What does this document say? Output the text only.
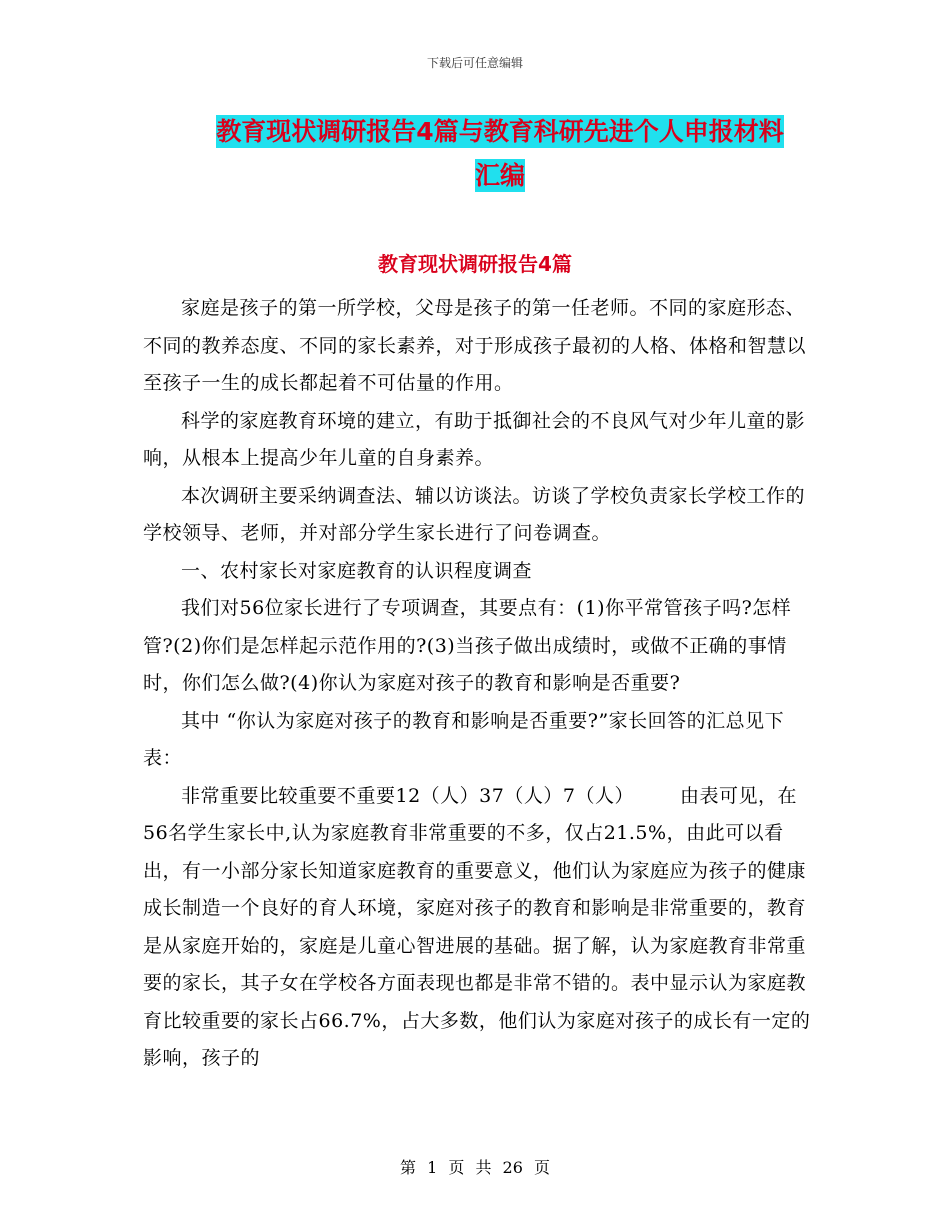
下载后可任意编辑
教育现状调研报告4篇与教育科研先进个人申报材料
汇编
教育现状调研报告4篇

家庭是孩子的第一所学校，父母是孩子的第一任老师。不同的家庭形态、不同的教养态度、不同的家长素养，对于形成孩子最初的人格、体格和智慧以至孩子一生的成长都起着不可估量的作用。

科学的家庭教育环境的建立，有助于抵御社会的不良风气对少年儿童的影响，从根本上提高少年儿童的自身素养。

本次调研主要采纳调查法、辅以访谈法。访谈了学校负责家长学校工作的学校领导、老师，并对部分学生家长进行了问卷调查。

一、农村家长对家庭教育的认识程度调查

我们对56位家长进行了专项调查，其要点有：(1)你平常管孩子吗?怎样管?(2)你们是怎样起示范作用的?(3)当孩子做出成绩时，或做不正确的事情时，你们怎么做?(4)你认为家庭对孩子的教育和影响是否重要?

其中 “你认为家庭对孩子的教育和影响是否重要?”家长回答的汇总见下表：

非常重要比较重要不重要12（人）37（人）7（人） 由表可见，在56名学生家长中,认为家庭教育非常重要的不多，仅占21.5%，由此可以看出，有一小部分家长知道家庭教育的重要意义，他们认为家庭应为孩子的健康成长制造一个良好的育人环境，家庭对孩子的教育和影响是非常重要的，教育是从家庭开始的，家庭是儿童心智进展的基础。据了解，认为家庭教育非常重要的家长，其子女在学校各方面表现也都是非常不错的。表中显示认为家庭教育比较重要的家长占66.7%，占大多数，他们认为家庭对孩子的成长有一定的影响，孩子的

第 1 页 共 26 页
